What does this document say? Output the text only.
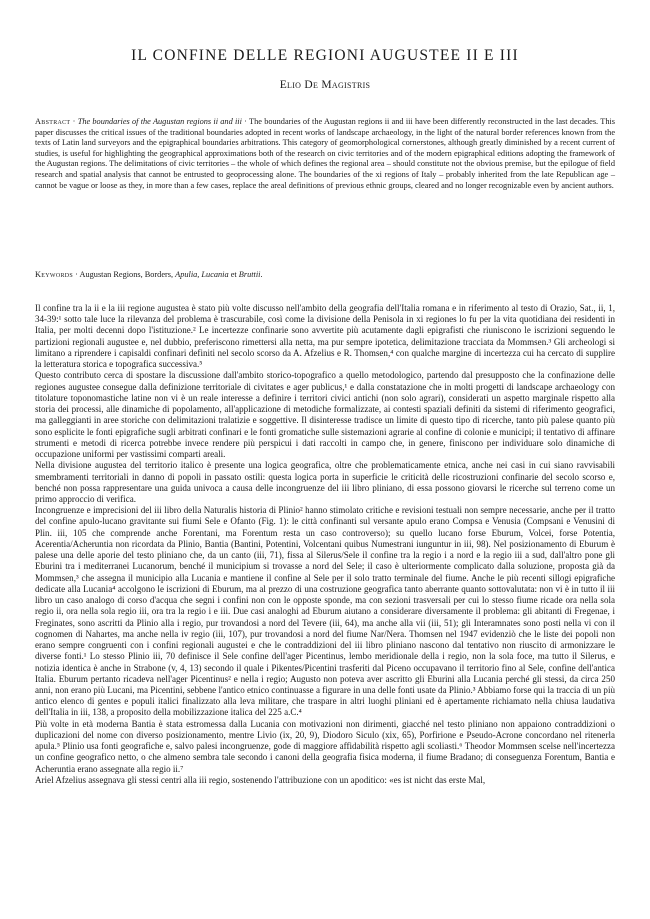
IL CONFINE DELLE REGIONI AUGUSTEE II E III
Elio De Magistris

Abstract · The boundaries of the Augustan regions ii and iii · The boundaries of the Augustan regions ii and iii have been differently reconstructed in the last decades. This paper discusses the critical issues of the traditional boundaries adopted in recent works of landscape archaeology, in the light of the natural border references known from the texts of Latin land surveyors and the epigraphical boundaries arbitrations. This category of geomorphological cornerstones, although greatly diminished by a recent current of studies, is useful for highlighting the geographical approximations both of the research on civic territories and of the modern epigraphical editions adopting the framework of the Augustan regions. The delimitations of civic territories – the whole of which defines the regional area – should constitute not the obvious premise, but the epilogue of field research and spatial analysis that cannot be entrusted to geoprocessing alone. The boundaries of the xi regions of Italy – probably inherited from the late Republican age – cannot be vague or loose as they, in more than a few cases, replace the areal definitions of previous ethnic groups, cleared and no longer recognizable even by ancient authors.

Keywords · Augustan Regions, Borders, Apulia, Lucania et Bruttii.

Il confine tra la ii e la iii regione augustea è stato più volte discusso nell'ambito della geografia dell'Italia romana e in riferimento al testo di Orazio, Sat., ii, 1, 34-39:¹ sotto tale luce la rilevanza del problema è trascurabile, così come la divisione della Penisola in xi regiones lo fu per la vita quotidiana dei residenti in Italia, per molti decenni dopo l'istituzione.² Le incertezze confinarie sono avvertite più acutamente dagli epigrafisti che riuniscono le iscrizioni seguendo le partizioni regionali augustee e, nel dubbio, preferiscono rimettersi alla netta, ma pur sempre ipotetica, delimitazione tracciata da Mommsen.³ Gli archeologi si limitano a riprendere i capisaldi confinari definiti nel secolo scorso da A. Afzelius e R. Thomsen,⁴ con qualche margine di incertezza cui ha cercato di supplire la letteratura storica e topografica successiva.⁵

Questo contributo cerca di spostare la discussione dall'ambito storico-topografico a quello metodologico, partendo dal presupposto che la confinazione delle regiones augustee consegue dalla definizione territoriale di civitates e ager publicus,¹ e dalla constatazione che in molti progetti di landscape archaeology con titolature toponomastiche latine non vi è un reale interesse a definire i territori civici antichi (non solo agrari), considerati un aspetto marginale rispetto alla storia dei processi, alle dinamiche di popolamento, all'applicazione di metodiche formalizzate, ai contesti spaziali definiti da sistemi di riferimento geografici, ma galleggianti in aree storiche con delimitazioni tralatizie e soggettive. Il disinteresse tradisce un limite di questo tipo di ricerche, tanto più palese quanto più sono esplicite le fonti epigrafiche sugli arbitrati confinari e le fonti gromatiche sulle sistemazioni agrarie al confine di colonie e municipi; il tentativo di affinare strumenti e metodi di ricerca potrebbe invece rendere più perspicui i dati raccolti in campo che, in genere, finiscono per individuare solo dinamiche di occupazione uniformi per vastissimi comparti areali.

Nella divisione augustea del territorio italico è presente una logica geografica, oltre che problematicamente etnica, anche nei casi in cui siano ravvisabili smembramenti territoriali in danno di popoli in passato ostili: questa logica porta in superficie le criticità delle ricostruzioni confinarie del secolo scorso e, benché non possa rappresentare una guida univoca a causa delle incongruenze del iii libro pliniano, di essa possono giovarsi le ricerche sul terreno come un primo approccio di verifica.

Incongruenze e imprecisioni del iii libro della Naturalis historia di Plinio² hanno stimolato critiche e revisioni testuali non sempre necessarie, anche per il tratto del confine apulo-lucano gravitante sui fiumi Sele e Ofanto (Fig. 1): le città confinanti sul versante apulo erano Compsa e Venusia (Compsani e Venusini di Plin. iii, 105 che comprende anche Forentani, ma Forentum resta un caso controverso); su quello lucano forse Eburum, Volcei, forse Potentia, Acerentia/Acheruntia non ricordata da Plinio, Bantia (Bantini, Potentini, Volcentani quibus Numestrani iunguntur in iii, 98). Nel posizionamento di Eburum è palese una delle aporie del testo pliniano che, da un canto (iii, 71), fissa al Silerus/Sele il confine tra la regio i a nord e la regio iii a sud, dall'altro pone gli Eburini tra i mediterranei Lucanorum, benché il municipium si trovasse a nord del Sele; il caso è ulteriormente complicato dalla soluzione, proposta già da Mommsen,³ che assegna il municipio alla Lucania e mantiene il confine al Sele per il solo tratto terminale del fiume. Anche le più recenti sillogi epigrafiche dedicate alla Lucania⁴ accolgono le iscrizioni di Eburum, ma al prezzo di una costruzione geografica tanto aberrante quanto sottovalutata: non vi è in tutto il iii libro un caso analogo di corso d'acqua che segni i confini non con le opposte sponde, ma con sezioni trasversali per cui lo stesso fiume ricade ora nella sola regio ii, ora nella sola regio iii, ora tra la regio i e iii. Due casi analoghi ad Eburum aiutano a considerare diversamente il problema: gli abitanti di Fregenae, i Freginates, sono ascritti da Plinio alla i regio, pur trovandosi a nord del Tevere (iii, 64), ma anche alla vii (iii, 51); gli Interamnates sono posti nella vi con il cognomen di Nahartes, ma anche nella iv regio (iii, 107), pur trovandosi a nord del fiume Nar/Nera. Thomsen nel 1947 evidenziò che le liste dei popoli non erano sempre congruenti con i confini regionali augustei e che le contraddizioni del iii libro pliniano nascono dal tentativo non riuscito di armonizzare le diverse fonti.¹ Lo stesso Plinio iii, 70 definisce il Sele confine dell'ager Picentinus, lembo meridionale della i regio, non la sola foce, ma tutto il Silerus, e notizia identica è anche in Strabone (v, 4, 13) secondo il quale i Pikentes/Picentini trasferiti dal Piceno occupavano il territorio fino al Sele, confine dell'antica Italia. Eburum pertanto ricadeva nell'ager Picentinus² e nella i regio; Augusto non poteva aver ascritto gli Eburini alla Lucania perché gli stessi, da circa 250 anni, non erano più Lucani, ma Picentini, sebbene l'antico etnico continuasse a figurare in una delle fonti usate da Plinio.³ Abbiamo forse qui la traccia di un più antico elenco di gentes e populi italici finalizzato alla leva militare, che traspare in altri luoghi pliniani ed è apertamente richiamato nella chiusa laudativa dell'Italia in iii, 138, a proposito della mobilizzazione italica del 225 a.C.⁴

Più volte in età moderna Bantia è stata estromessa dalla Lucania con motivazioni non dirimenti, giacché nel testo pliniano non appaiono contraddizioni o duplicazioni del nome con diverso posizionamento, mentre Livio (ix, 20, 9), Diodoro Siculo (xix, 65), Porfirione e Pseudo-Acrone concordano nel ritenerla apula.⁵ Plinio usa fonti geografiche e, salvo palesi incongruenze, gode di maggiore affidabilità rispetto agli scoliasti.⁶ Theodor Mommsen scelse nell'incertezza un confine geografico netto, o che almeno sembra tale secondo i canoni della geografia fisica moderna, il fiume Bradano; di conseguenza Forentum, Bantia e Acheruntia erano assegnate alla regio ii.⁷

Ariel Afzelius assegnava gli stessi centri alla iii regio, sostenendo l'attribuzione con un apoditico: «es ist nicht das erste Mal,
